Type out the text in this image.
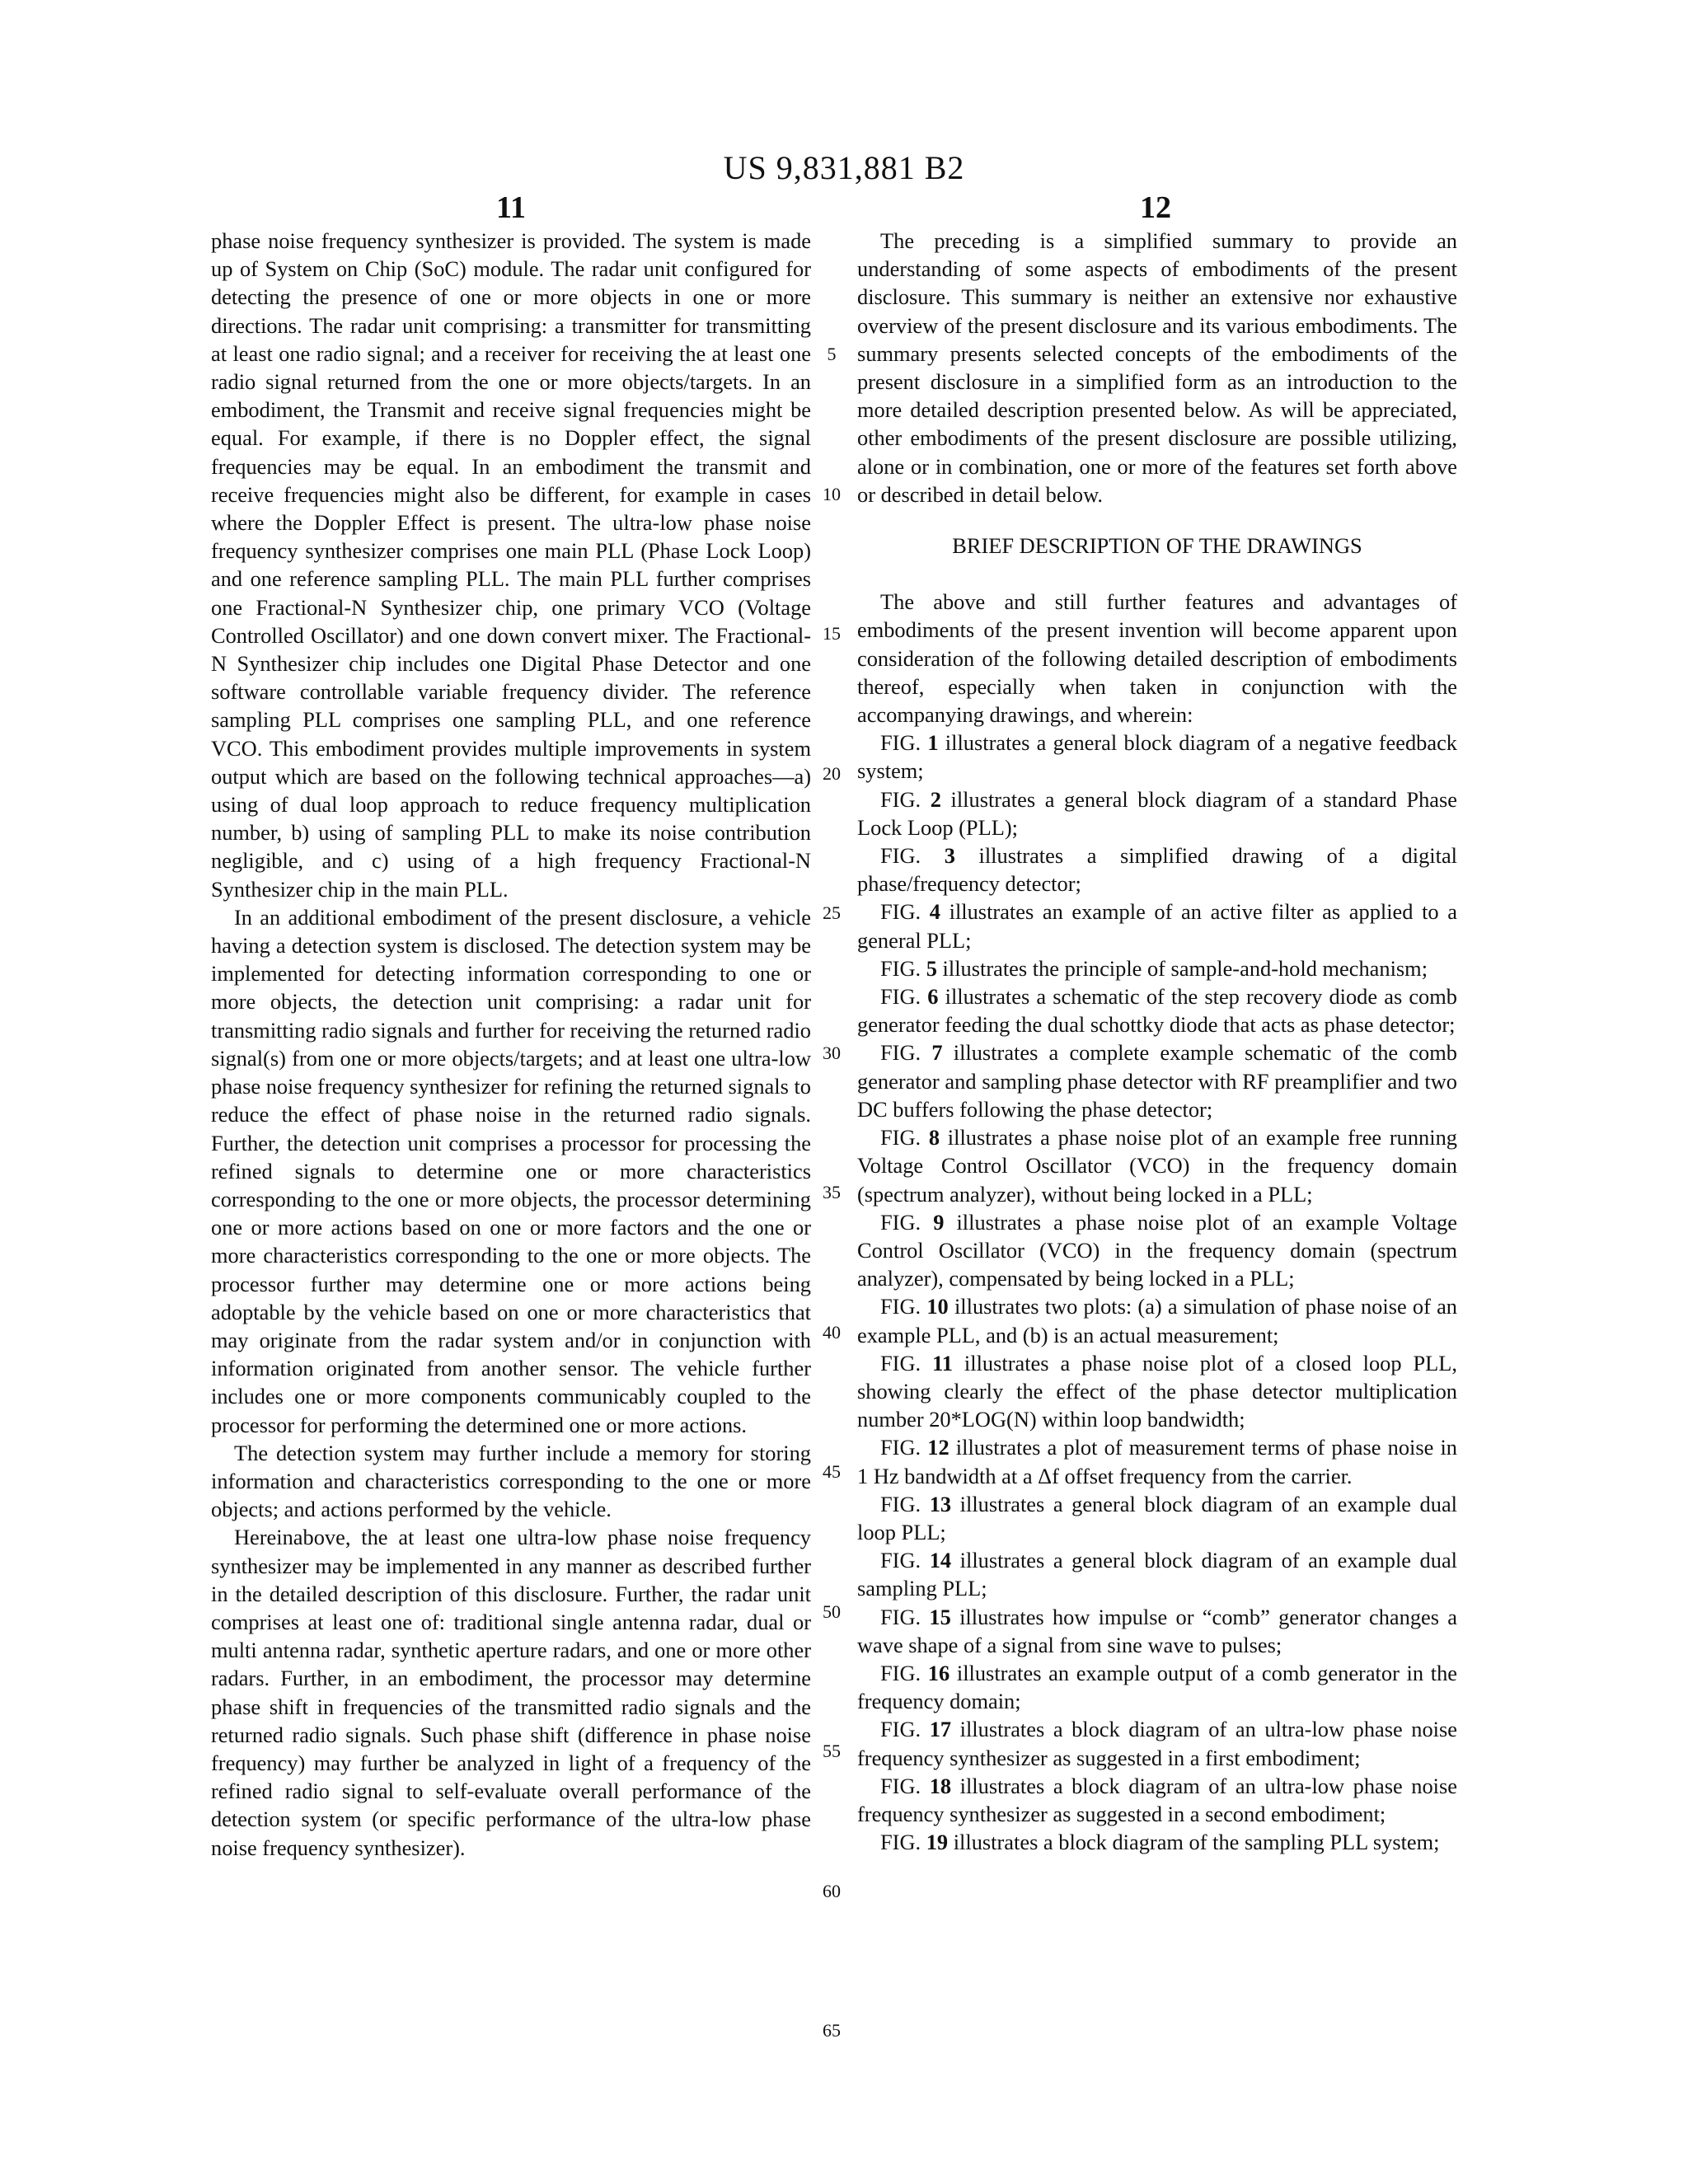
US 9,831,881 B2
11	12

phase noise frequency synthesizer is provided. The system is made up of System on Chip (SoC) module. The radar unit configured for detecting the presence of one or more objects in one or more directions. The radar unit comprising: a transmitter for transmitting at least one radio signal; and a receiver for receiving the at least one radio signal returned from the one or more objects/targets. In an embodiment, the Transmit and receive signal frequencies might be equal. For example, if there is no Doppler effect, the signal frequencies may be equal. In an embodiment the transmit and receive frequencies might also be different, for example in cases where the Doppler Effect is present. The ultra-low phase noise frequency synthesizer comprises one main PLL (Phase Lock Loop) and one reference sampling PLL. The main PLL further comprises one Fractional-N Synthesizer chip, one primary VCO (Voltage Controlled Oscillator) and one down convert mixer. The Fractional-N Synthesizer chip includes one Digital Phase Detector and one software controllable variable frequency divider. The reference sampling PLL comprises one sampling PLL, and one reference VCO. This embodiment provides multiple improvements in system output which are based on the following technical approaches—a) using of dual loop approach to reduce frequency multiplication number, b) using of sampling PLL to make its noise contribution negligible, and c) using of a high frequency Fractional-N Synthesizer chip in the main PLL.

In an additional embodiment of the present disclosure, a vehicle having a detection system is disclosed. The detection system may be implemented for detecting information corresponding to one or more objects, the detection unit comprising: a radar unit for transmitting radio signals and further for receiving the returned radio signal(s) from one or more objects/targets; and at least one ultra-low phase noise frequency synthesizer for refining the returned signals to reduce the effect of phase noise in the returned radio signals. Further, the detection unit comprises a processor for processing the refined signals to determine one or more characteristics corresponding to the one or more objects, the processor determining one or more actions based on one or more factors and the one or more characteristics corresponding to the one or more objects. The processor further may determine one or more actions being adoptable by the vehicle based on one or more characteristics that may originate from the radar system and/or in conjunction with information originated from another sensor. The vehicle further includes one or more components communicably coupled to the processor for performing the determined one or more actions.

The detection system may further include a memory for storing information and characteristics corresponding to the one or more objects; and actions performed by the vehicle.

Hereinabove, the at least one ultra-low phase noise frequency synthesizer may be implemented in any manner as described further in the detailed description of this disclosure. Further, the radar unit comprises at least one of: traditional single antenna radar, dual or multi antenna radar, synthetic aperture radars, and one or more other radars. Further, in an embodiment, the processor may determine phase shift in frequencies of the transmitted radio signals and the returned radio signals. Such phase shift (difference in phase noise frequency) may further be analyzed in light of a frequency of the refined radio signal to self-evaluate overall performance of the detection system (or specific performance of the ultra-low phase noise frequency synthesizer).

The preceding is a simplified summary to provide an understanding of some aspects of embodiments of the present disclosure. This summary is neither an extensive nor exhaustive overview of the present disclosure and its various embodiments. The summary presents selected concepts of the embodiments of the present disclosure in a simplified form as an introduction to the more detailed description presented below. As will be appreciated, other embodiments of the present disclosure are possible utilizing, alone or in combination, one or more of the features set forth above or described in detail below.

BRIEF DESCRIPTION OF THE DRAWINGS

The above and still further features and advantages of embodiments of the present invention will become apparent upon consideration of the following detailed description of embodiments thereof, especially when taken in conjunction with the accompanying drawings, and wherein:

FIG. 1 illustrates a general block diagram of a negative feedback system;

FIG. 2 illustrates a general block diagram of a standard Phase Lock Loop (PLL);

FIG. 3 illustrates a simplified drawing of a digital phase/frequency detector;

FIG. 4 illustrates an example of an active filter as applied to a general PLL;

FIG. 5 illustrates the principle of sample-and-hold mechanism;

FIG. 6 illustrates a schematic of the step recovery diode as comb generator feeding the dual schottky diode that acts as phase detector;

FIG. 7 illustrates a complete example schematic of the comb generator and sampling phase detector with RF preamplifier and two DC buffers following the phase detector;

FIG. 8 illustrates a phase noise plot of an example free running Voltage Control Oscillator (VCO) in the frequency domain (spectrum analyzer), without being locked in a PLL;

FIG. 9 illustrates a phase noise plot of an example Voltage Control Oscillator (VCO) in the frequency domain (spectrum analyzer), compensated by being locked in a PLL;

FIG. 10 illustrates two plots: (a) a simulation of phase noise of an example PLL, and (b) is an actual measurement;

FIG. 11 illustrates a phase noise plot of a closed loop PLL, showing clearly the effect of the phase detector multiplication number 20*LOG(N) within loop bandwidth;

FIG. 12 illustrates a plot of measurement terms of phase noise in 1 Hz bandwidth at a Δf offset frequency from the carrier.

FIG. 13 illustrates a general block diagram of an example dual loop PLL;

FIG. 14 illustrates a general block diagram of an example dual sampling PLL;

FIG. 15 illustrates how impulse or “comb” generator changes a wave shape of a signal from sine wave to pulses;

FIG. 16 illustrates an example output of a comb generator in the frequency domain;

FIG. 17 illustrates a block diagram of an ultra-low phase noise frequency synthesizer as suggested in a first embodiment;

FIG. 18 illustrates a block diagram of an ultra-low phase noise frequency synthesizer as suggested in a second embodiment;

FIG. 19 illustrates a block diagram of the sampling PLL system;

5
10
15
20
25
30
35
40
45
50
55
60
65
